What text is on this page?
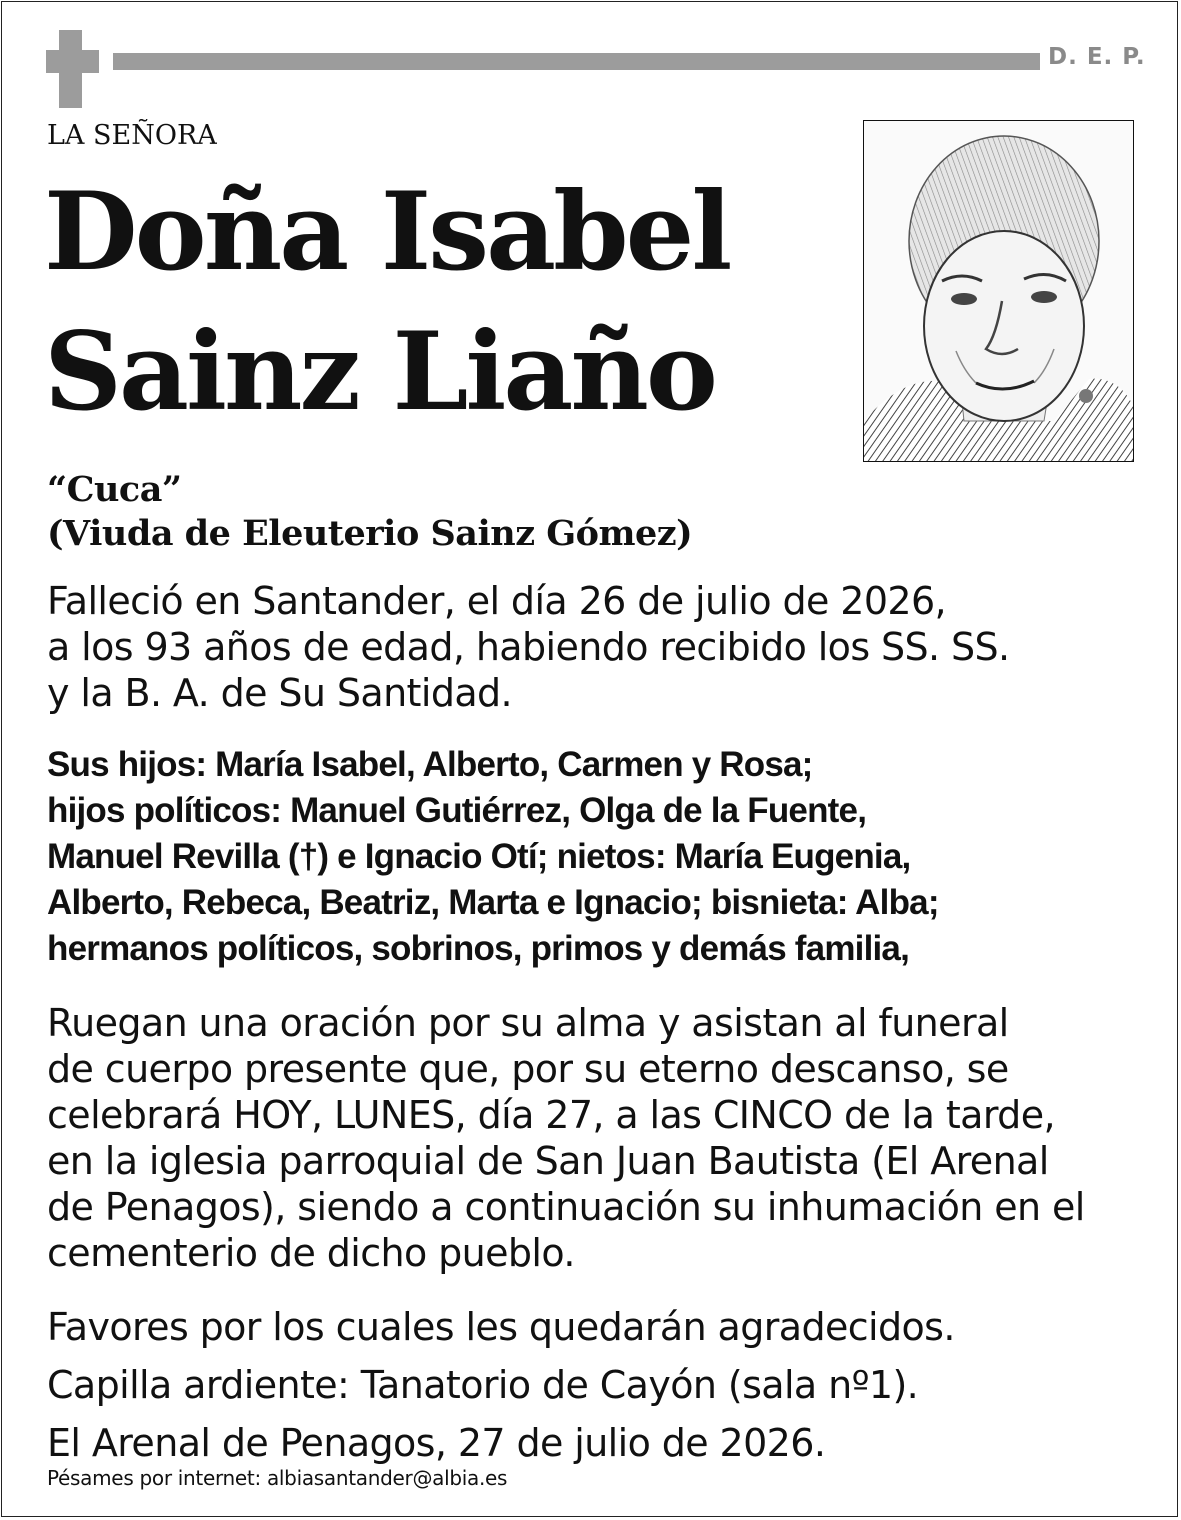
D. E. P.
LA SEÑORA
Doña Isabel
Sainz Liaño
“Cuca”
(Viuda de Eleuterio Sainz Gómez)
Falleció en Santander, el día 26 de julio de 2026,
a los 93 años de edad, habiendo recibido los SS. SS.
y la B. A. de Su Santidad.
Sus hijos: María Isabel, Alberto, Carmen y Rosa;
hijos políticos: Manuel Gutiérrez, Olga de la Fuente,
Manuel Revilla (†) e Ignacio Otí; nietos: María Eugenia,
Alberto, Rebeca, Beatriz, Marta e Ignacio; bisnieta: Alba;
hermanos políticos, sobrinos, primos y demás familia,
Ruegan una oración por su alma y asistan al funeral
de cuerpo presente que, por su eterno descanso, se
celebrará HOY, LUNES, día 27, a las CINCO de la tarde,
en la iglesia parroquial de San Juan Bautista (El Arenal
de Penagos), siendo a continuación su inhumación en el
cementerio de dicho pueblo.
Favores por los cuales les quedarán agradecidos.
Capilla ardiente: Tanatorio de Cayón (sala nº1).
El Arenal de Penagos, 27 de julio de 2026.
Pésames por internet: albiasantander@albia.es
